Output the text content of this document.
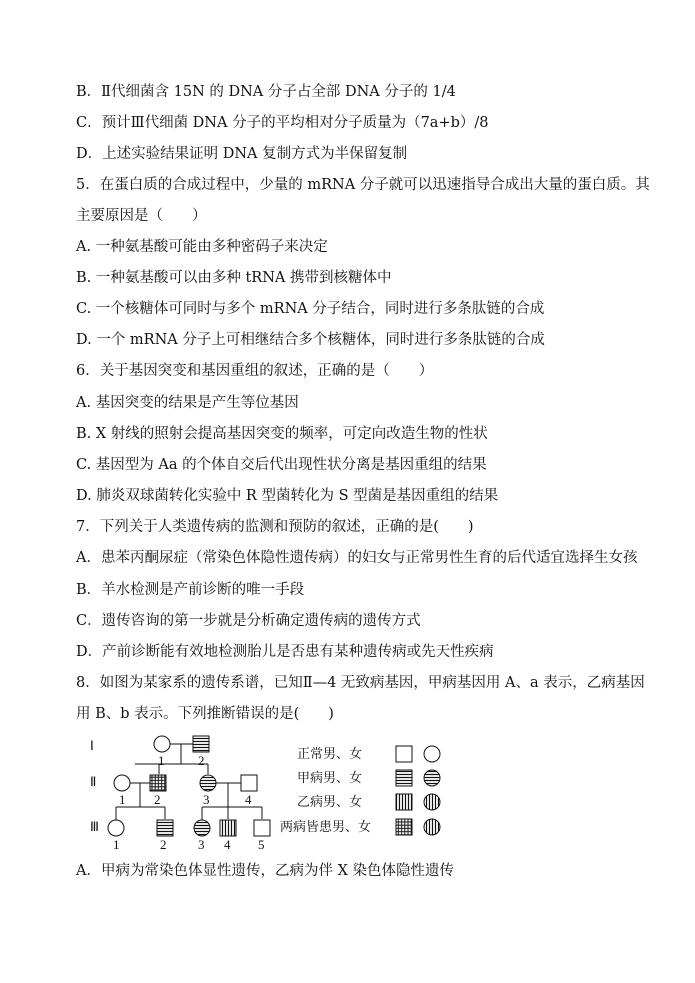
B．Ⅱ代细菌含 15N 的 DNA 分子占全部 DNA 分子的 1/4
C．预计Ⅲ代细菌 DNA 分子的平均相对分子质量为（7a+b）/8
D．上述实验结果证明 DNA 复制方式为半保留复制
5．在蛋白质的合成过程中，少量的 mRNA 分子就可以迅速指导合成出大量的蛋白质。其
主要原因是（　　）
A. 一种氨基酸可能由多种密码子来决定
B. 一种氨基酸可以由多种 tRNA 携带到核糖体中
C. 一个核糖体可同时与多个 mRNA 分子结合，同时进行多条肽链的合成
D. 一个 mRNA 分子上可相继结合多个核糖体，同时进行多条肽链的合成
6．关于基因突变和基因重组的叙述，正确的是（　　）
A. 基因突变的结果是产生等位基因
B. X 射线的照射会提高基因突变的频率，可定向改造生物的性状
C. 基因型为 Aa 的个体自交后代出现性状分离是基因重组的结果
D. 肺炎双球菌转化实验中 R 型菌转化为 S 型菌是基因重组的结果
7．下列关于人类遗传病的监测和预防的叙述，正确的是(　　)
A．患苯丙酮尿症（常染色体隐性遗传病）的妇女与正常男性生育的后代适宜选择生女孩
B．羊水检测是产前诊断的唯一手段
C．遗传咨询的第一步就是分析确定遗传病的遗传方式
D．产前诊断能有效地检测胎儿是否患有某种遗传病或先天性疾病
8．如图为某家系的遗传系谱，已知Ⅱ—4 无致病基因，甲病基因用 A、a 表示，乙病基因
用 B、b 表示。下列推断错误的是(　　)
A．甲病为常染色体显性遗传，乙病为伴 X 染色体隐性遗传
Ⅰ
Ⅱ
Ⅲ
1	2
1 2	3	4
1	2 3 4 5
正常男、女
甲病男、女
乙病男、女
两病皆患男、女
